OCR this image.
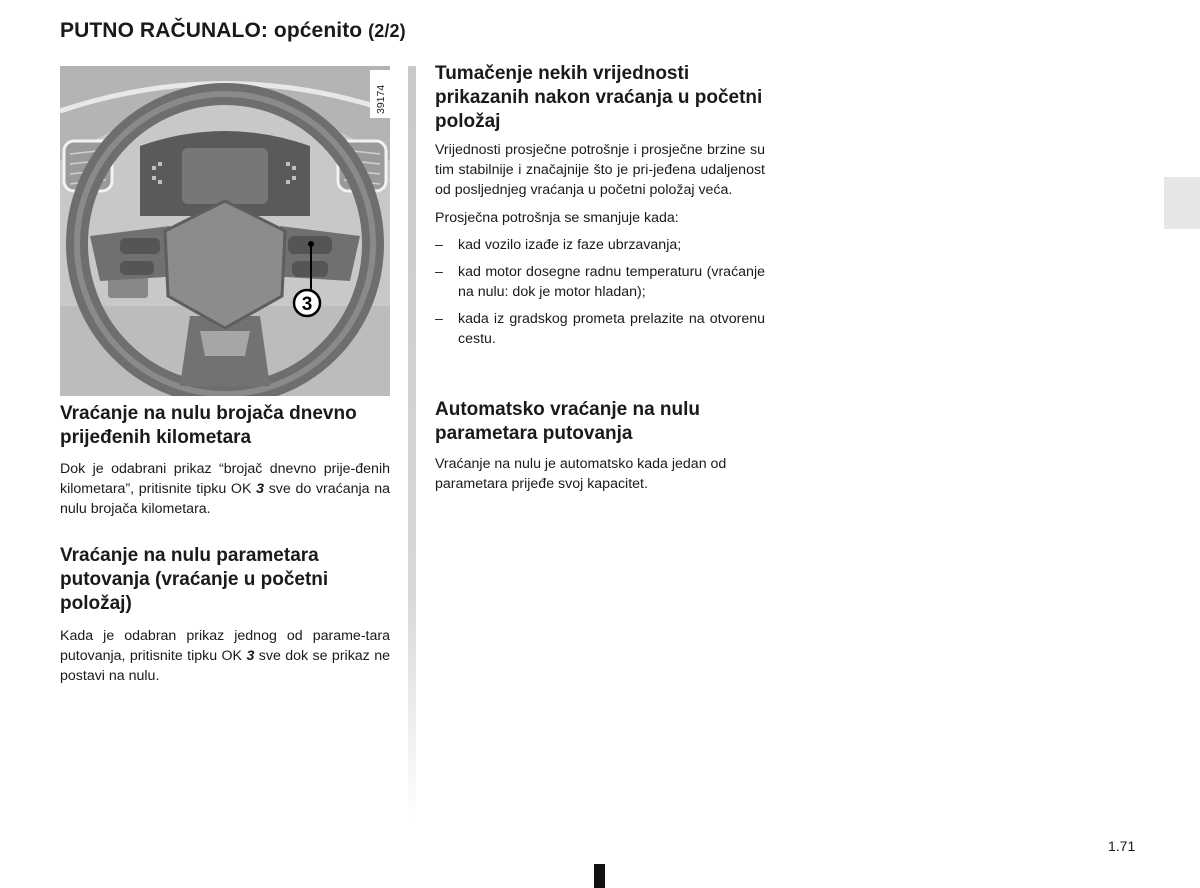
PUTNO RAČUNALO: općenito (2/2)
3
39174
Vraćanje na nulu brojača dnevno prijeđenih kilometara

Dok je odabrani prikaz “brojač dnevno prije-đenih kilometara”, pritisnite tipku OK 3 sve do vraćanja na nulu brojača kilometara.

Vraćanje na nulu parametara putovanja (vraćanje u početni položaj)

Kada je odabran prikaz jednog od parame-tara putovanja, pritisnite tipku OK 3 sve dok se prikaz ne postavi na nulu.

Tumačenje nekih vrijednosti prikazanih nakon vraćanja u početni položaj

Vrijednosti prosječne potrošnje i prosječne brzine su tim stabilnije i značajnije što je pri-jeđena udaljenost od posljednjeg vraćanja u početni položaj veća.

Prosječna potrošnja se smanjuje kada:

– kad vozilo izađe iz faze ubrzavanja;

– kad motor dosegne radnu temperaturu (vraćanje na nulu: dok je motor hladan);

– kada iz gradskog prometa prelazite na otvorenu cestu.

Automatsko vraćanje na nulu parametara putovanja

Vraćanje na nulu je automatsko kada jedan od parametara prijeđe svoj kapacitet.

1.71
